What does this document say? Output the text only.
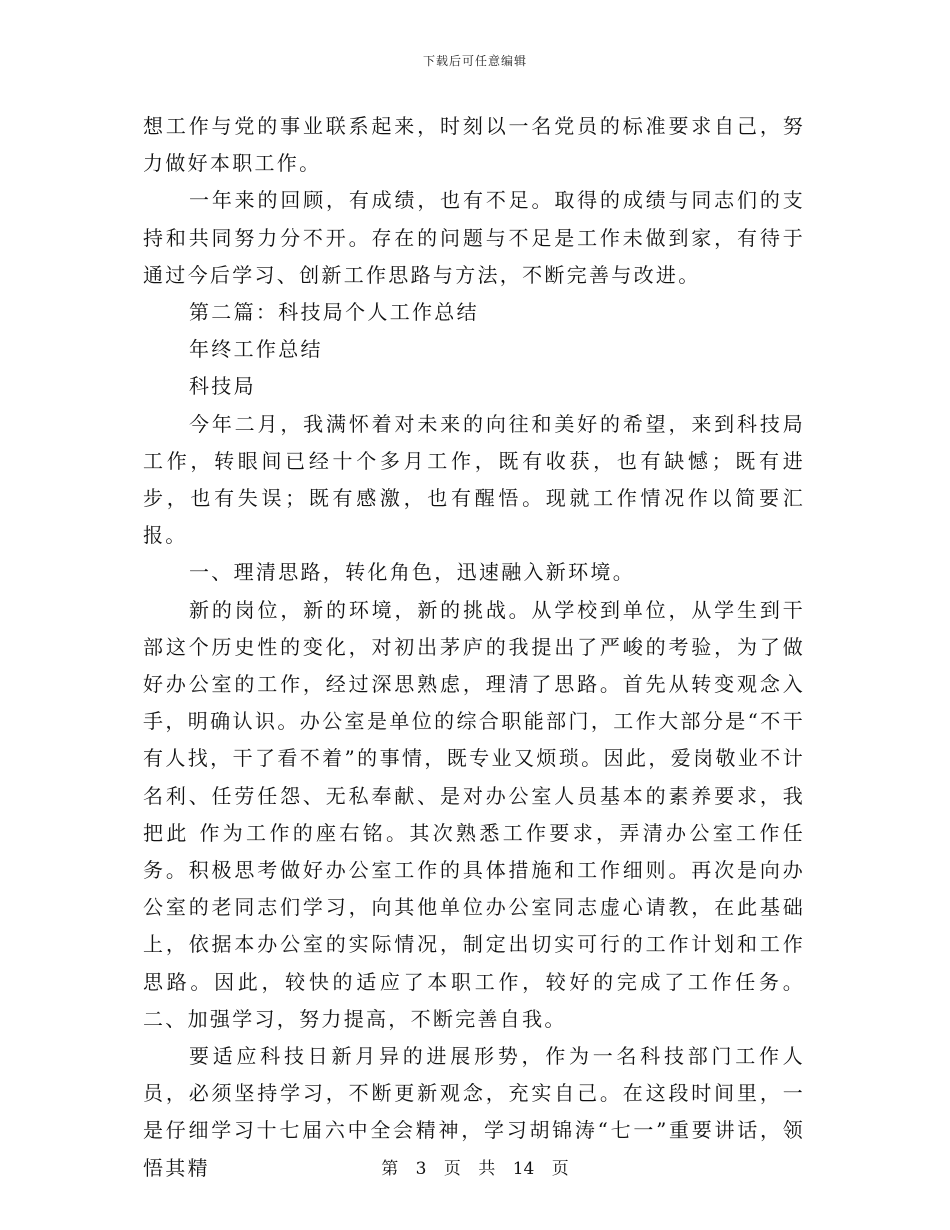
下载后可任意编辑

想工作与党的事业联系起来，时刻以一名党员的标准要求自己，努力做好本职工作。

一年来的回顾，有成绩，也有不足。取得的成绩与同志们的支持和共同努力分不开。存在的问题与不足是工作未做到家，有待于通过今后学习、创新工作思路与方法，不断完善与改进。

第二篇：科技局个人工作总结

年终工作总结

科技局

今年二月，我满怀着对未来的向往和美好的希望，来到科技局工作，转眼间已经十个多月工作，既有收获，也有缺憾；既有进步，也有失误；既有感激，也有醒悟。现就工作情况作以简要汇报。

一、理清思路，转化角色，迅速融入新环境。

新的岗位，新的环境，新的挑战。从学校到单位，从学生到干部这个历史性的变化，对初出茅庐的我提出了严峻的考验，为了做好办公室的工作，经过深思熟虑，理清了思路。首先从转变观念入手，明确认识。办公室是单位的综合职能部门，工作大部分是“不干有人找，干了看不着”的事情，既专业又烦琐。因此，爱岗敬业不计名利、任劳任怨、无私奉献、是对办公室人员基本的素养要求，我把此 作为工作的座右铭。其次熟悉工作要求，弄清办公室工作任务。积极思考做好办公室工作的具体措施和工作细则。再次是向办公室的老同志们学习，向其他单位办公室同志虚心请教，在此基础上，依据本办公室的实际情况，制定出切实可行的工作计划和工作思路。因此，较快的适应了本职工作，较好的完成了工作任务。 二、加强学习，努力提高，不断完善自我。

要适应科技日新月异的进展形势，作为一名科技部门工作人员，必须坚持学习，不断更新观念，充实自己。在这段时间里，一是仔细学习十七届六中全会精神，学习胡锦涛“七一”重要讲话，领悟其精	第 3 页 共 14 页
